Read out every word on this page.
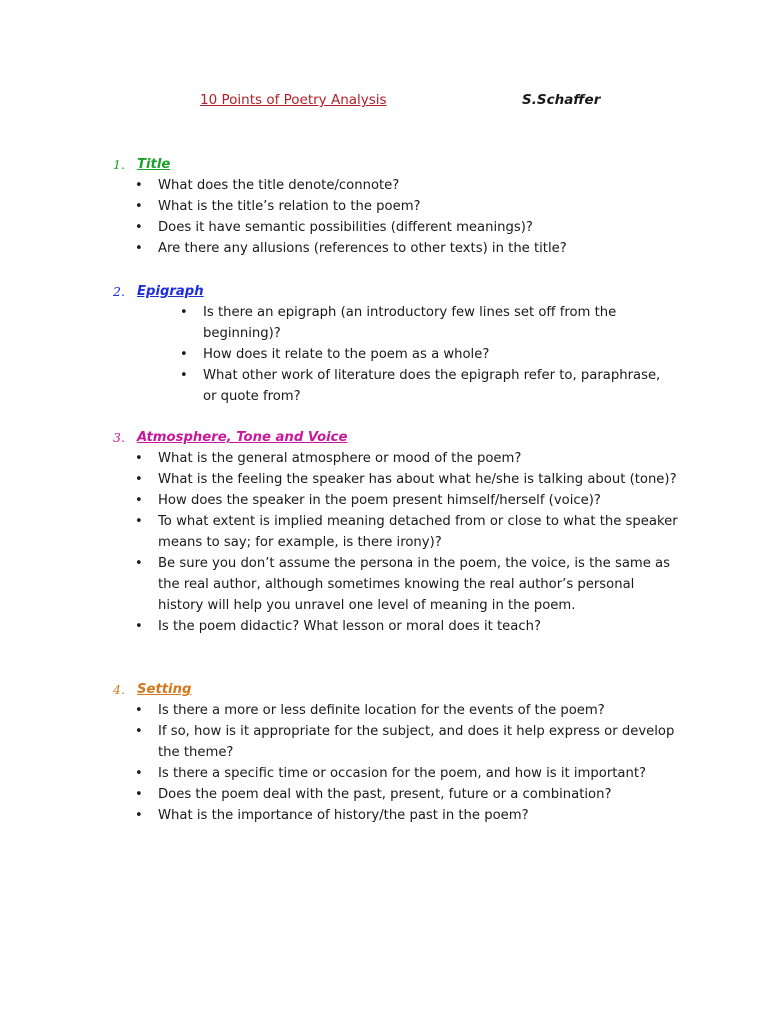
10 Points of Poetry Analysis	S.Schaffer
1. Title
• What does the title denote/connote?
• What is the title’s relation to the poem?
• Does it have semantic possibilities (different meanings)?
• Are there any allusions (references to other texts) in the title?
2. Epigraph
• Is there an epigraph (an introductory few lines set off from the beginning)?
• How does it relate to the poem as a whole?
• What other work of literature does the epigraph refer to, paraphrase, or quote from?
3. Atmosphere, Tone and Voice
• What is the general atmosphere or mood of the poem?
• What is the feeling the speaker has about what he/she is talking about (tone)?
• How does the speaker in the poem present himself/herself (voice)?
• To what extent is implied meaning detached from or close to what the speaker means to say; for example, is there irony)?
• Be sure you don’t assume the persona in the poem, the voice, is the same as the real author, although sometimes knowing the real author’s personal history will help you unravel one level of meaning in the poem.
• Is the poem didactic? What lesson or moral does it teach?
4. Setting
• Is there a more or less definite location for the events of the poem?
• If so, how is it appropriate for the subject, and does it help express or develop the theme?
• Is there a specific time or occasion for the poem, and how is it important?
• Does the poem deal with the past, present, future or a combination?
• What is the importance of history/the past in the poem?
